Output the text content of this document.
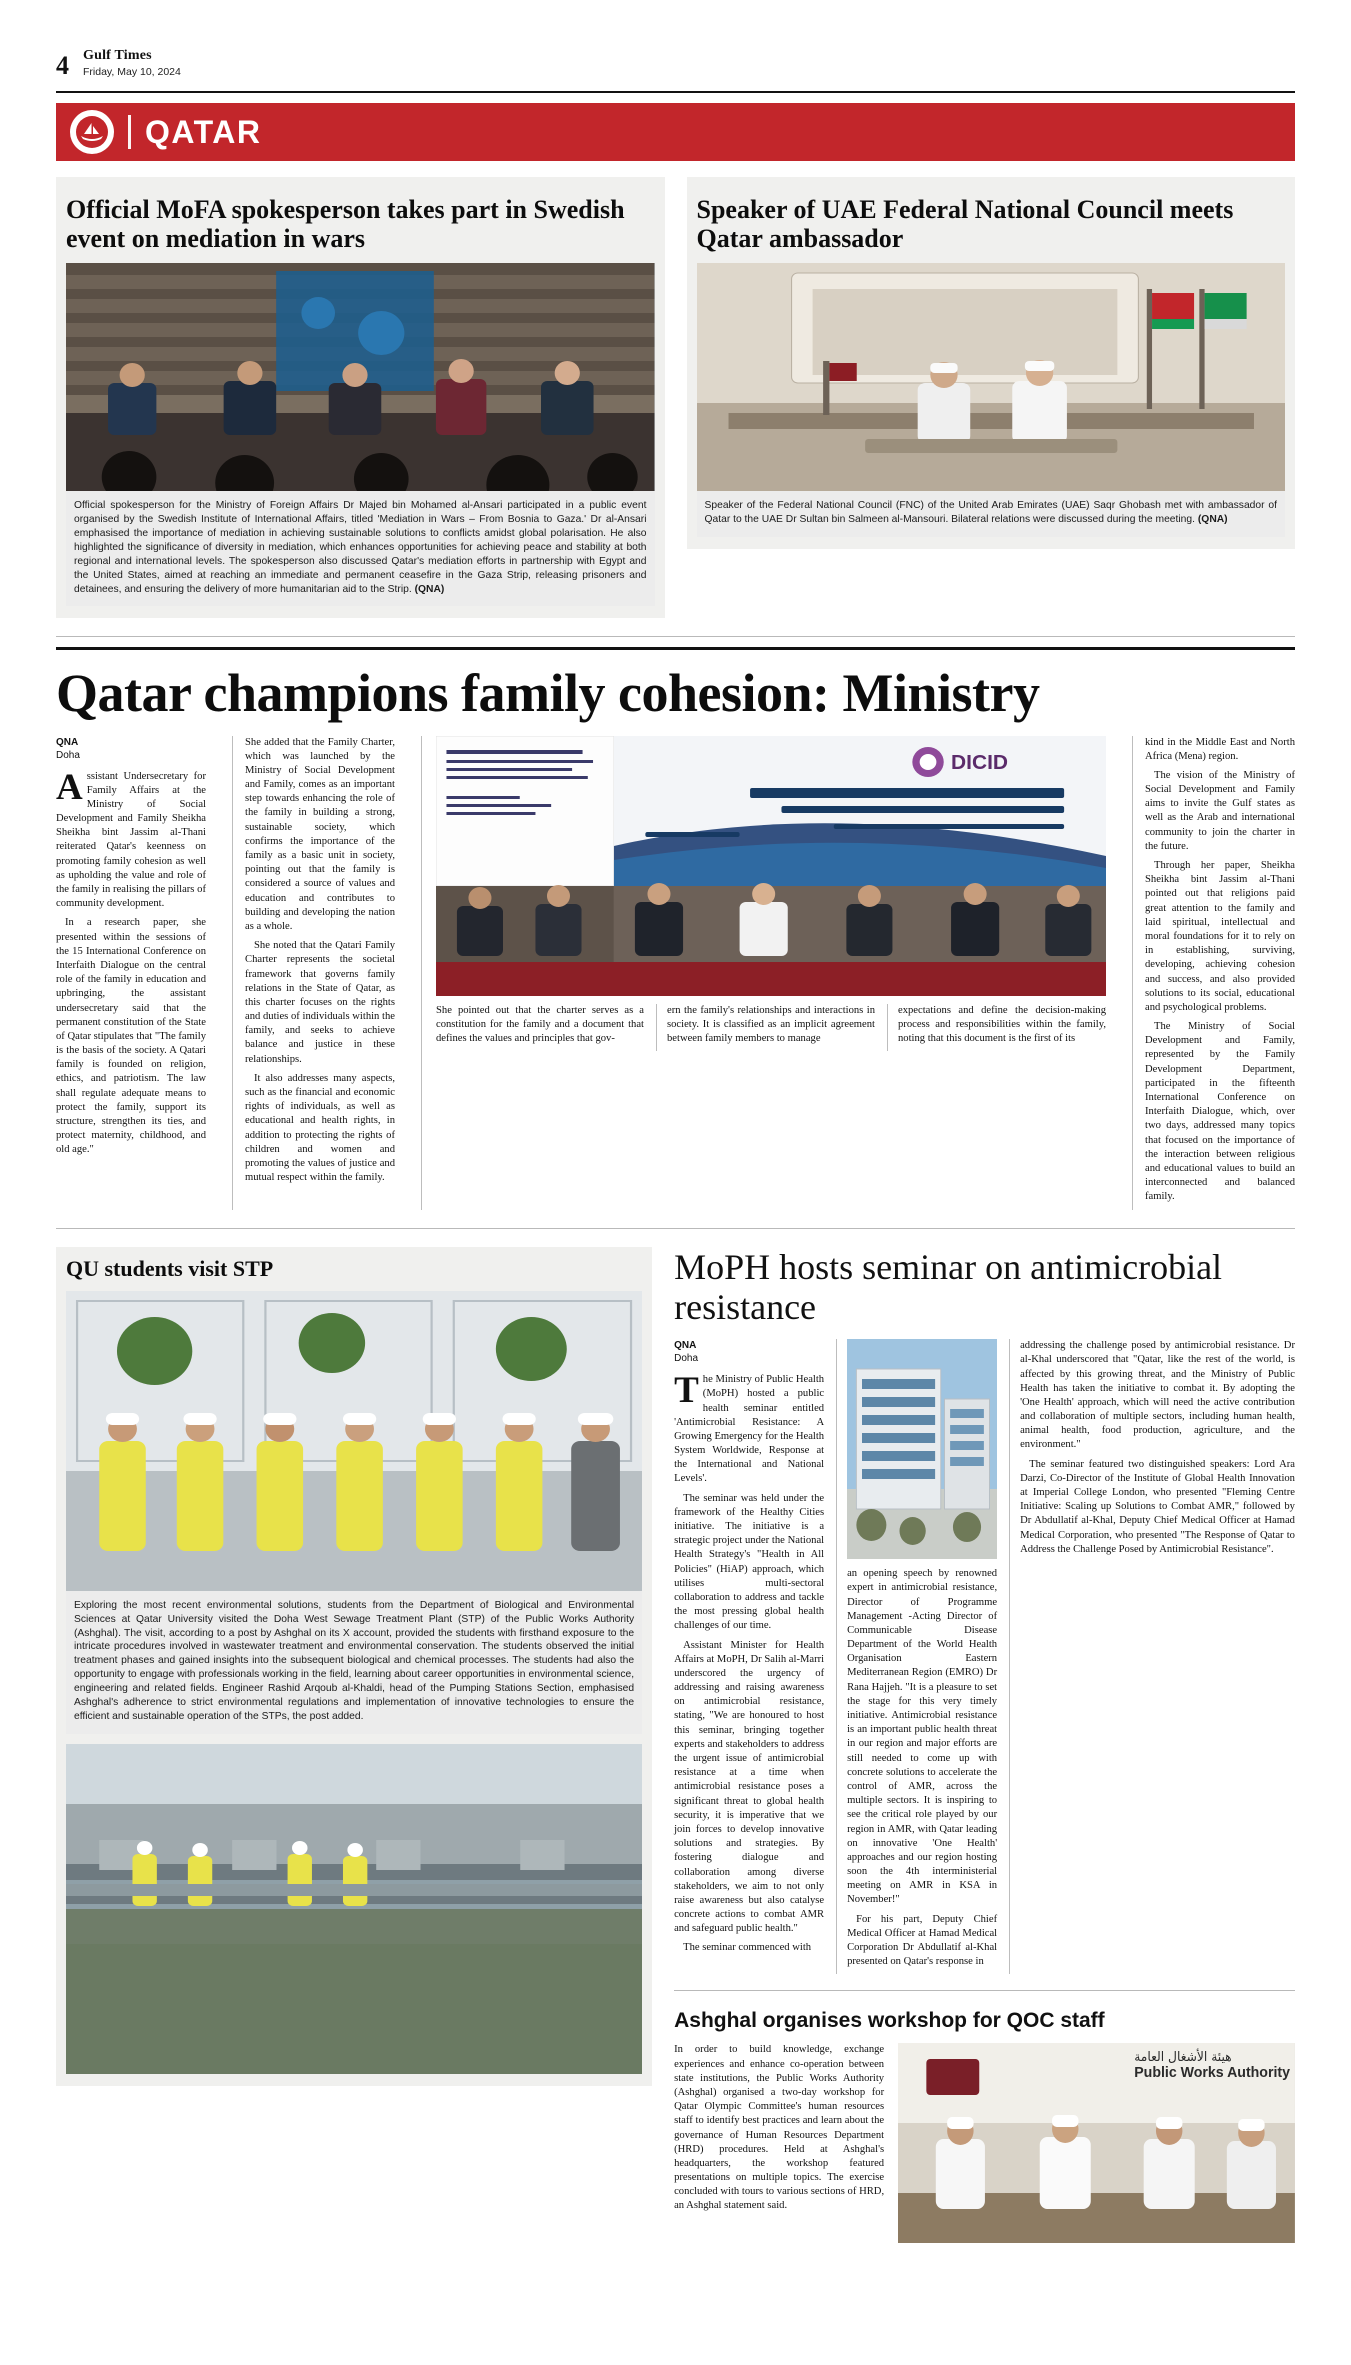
4 Gulf Times
Friday, May 10, 2024
QATAR
Official MoFA spokesperson takes part in Swedish event on mediation in wars
Official spokesperson for the Ministry of Foreign Affairs Dr Majed bin Mohamed al-Ansari participated in a public event organised by the Swedish Institute of International Affairs, titled 'Mediation in Wars – From Bosnia to Gaza.' Dr al-Ansari emphasised the importance of mediation in achieving sustainable solutions to conflicts amidst global polarisation. He also highlighted the significance of diversity in mediation, which enhances opportunities for achieving peace and stability at both regional and international levels. The spokesperson also discussed Qatar's mediation efforts in partnership with Egypt and the United States, aimed at reaching an immediate and permanent ceasefire in the Gaza Strip, releasing prisoners and detainees, and ensuring the delivery of more humanitarian aid to the Strip. (QNA)
Speaker of UAE Federal National Council meets Qatar ambassador
Speaker of the Federal National Council (FNC) of the United Arab Emirates (UAE) Saqr Ghobash met with ambassador of Qatar to the UAE Dr Sultan bin Salmeen al-Mansouri. Bilateral relations were discussed during the meeting. (QNA)
Qatar champions family cohesion: Ministry
QNA
Doha

Assistant Undersecretary for Family Affairs at the Ministry of Social Development and Family Sheikha Sheikha bint Jassim al-Thani reiterated Qatar's keenness on promoting family cohesion as well as upholding the value and role of the family in realising the pillars of community development.

In a research paper, she presented within the sessions of the 15 International Conference on Interfaith Dialogue on the central role of the family in education and upbringing, the assistant undersecretary said that the permanent constitution of the State of Qatar stipulates that "The family is the basis of the society. A Qatari family is founded on religion, ethics, and patriotism. The law shall regulate adequate means to protect the family, support its structure, strengthen its ties, and protect maternity, childhood, and old age."

She added that the Family Charter, which was launched by the Ministry of Social Development and Family, comes as an important step towards enhancing the role of the family in building a strong, sustainable society, which confirms the importance of the family as a basic unit in society, pointing out that the family is considered a source of values and education and contributes to building and developing the nation as a whole.

She noted that the Qatari Family Charter represents the societal framework that governs family relations in the State of Qatar, as this charter focuses on the rights and duties of individuals within the family, and seeks to achieve balance and justice in these relationships.

It also addresses many aspects, such as the financial and economic rights of individuals, as well as educational and health rights, in addition to protecting the rights of children and women and promoting the values of justice and mutual respect within the family.

DICID

She pointed out that the charter serves as a constitution for the family and a document that defines the values and principles that gov-

ern the family's relationships and interactions in society. It is classified as an implicit agreement between family members to manage

expectations and define the decision-making process and responsibilities within the family, noting that this document is the first of its

kind in the Middle East and North Africa (Mena) region.

The vision of the Ministry of Social Development and Family aims to invite the Gulf states as well as the Arab and international community to join the charter in the future.

Through her paper, Sheikha Sheikha bint Jassim al-Thani pointed out that religions paid great attention to the family and laid spiritual, intellectual and moral foundations for it to rely on in establishing, surviving, developing, achieving cohesion and success, and also provided solutions to its social, educational and psychological problems.

The Ministry of Social Development and Family, represented by the Family Development Department, participated in the fifteenth International Conference on Interfaith Dialogue, which, over two days, addressed many topics that focused on the importance of the interaction between religious and educational values to build an interconnected and balanced family.

QU students visit STP
Exploring the most recent environmental solutions, students from the Department of Biological and Environmental Sciences at Qatar University visited the Doha West Sewage Treatment Plant (STP) of the Public Works Authority (Ashghal). The visit, according to a post by Ashghal on its X account, provided the students with firsthand exposure to the intricate procedures involved in wastewater treatment and environmental conservation. The students observed the initial treatment phases and gained insights into the subsequent biological and chemical processes. The students had also the opportunity to engage with professionals working in the field, learning about career opportunities in environmental science, engineering and related fields. Engineer Rashid Arqoub al-Khaldi, head of the Pumping Stations Section, emphasised Ashghal's adherence to strict environmental regulations and implementation of innovative technologies to ensure the efficient and sustainable operation of the STPs, the post added.
MoPH hosts seminar on antimicrobial resistance
QNA
Doha

The Ministry of Public Health (MoPH) hosted a public health seminar entitled 'Antimicrobial Resistance: A Growing Emergency for the Health System Worldwide, Response at the International and National Levels'.

The seminar was held under the framework of the Healthy Cities initiative. The initiative is a strategic project under the National Health Strategy's "Health in All Policies" (HiAP) approach, which utilises multi-sectoral collaboration to address and tackle the most pressing global health challenges of our time.

Assistant Minister for Health Affairs at MoPH, Dr Salih al-Marri underscored the urgency of addressing and raising awareness on antimicrobial resistance, stating, "We are honoured to host this seminar, bringing together experts and stakeholders to address the urgent issue of antimicrobial resistance at a time when antimicrobial resistance poses a significant threat to global health security, it is imperative that we join forces to develop innovative solutions and strategies. By fostering dialogue and collaboration among diverse stakeholders, we aim to not only raise awareness but also catalyse concrete actions to combat AMR and safeguard public health."

The seminar commenced with

an opening speech by renowned expert in antimicrobial resistance, Director of Programme Management -Acting Director of Communicable Disease Department of the World Health Organisation Eastern Mediterranean Region (EMRO) Dr Rana Hajjeh. "It is a pleasure to set the stage for this very timely initiative. Antimicrobial resistance is an important public health threat in our region and major efforts are still needed to come up with concrete solutions to accelerate the control of AMR, across the multiple sectors. It is inspiring to see the critical role played by our region in AMR, with Qatar leading on innovative 'One Health' approaches and our region hosting soon the 4th interministerial meeting on AMR in KSA in November!"

For his part, Deputy Chief Medical Officer at Hamad Medical Corporation Dr Abdullatif al-Khal presented on Qatar's response in

addressing the challenge posed by antimicrobial resistance. Dr al-Khal underscored that "Qatar, like the rest of the world, is affected by this growing threat, and the Ministry of Public Health has taken the initiative to combat it. By adopting the 'One Health' approach, which will need the active contribution and collaboration of multiple sectors, including human health, animal health, food production, agriculture, and the environment."

The seminar featured two distinguished speakers: Lord Ara Darzi, Co-Director of the Institute of Global Health Innovation at Imperial College London, who presented "Fleming Centre Initiative: Scaling up Solutions to Combat AMR," followed by Dr Abdullatif al-Khal, Deputy Chief Medical Officer at Hamad Medical Corporation, who presented "The Response of Qatar to Address the Challenge Posed by Antimicrobial Resistance".

Ashghal organises workshop for QOC staff

In order to build knowledge, exchange experiences and enhance co-operation between state institutions, the Public Works Authority (Ashghal) organised a two-day workshop for Qatar Olympic Committee's human resources staff to identify best practices and learn about the governance of Human Resources Department (HRD) procedures. Held at Ashghal's headquarters, the workshop featured presentations on multiple topics. The exercise concluded with tours to various sections of HRD, an Ashghal statement said.

Public Works Authority
هيئة الأشغال العامة
